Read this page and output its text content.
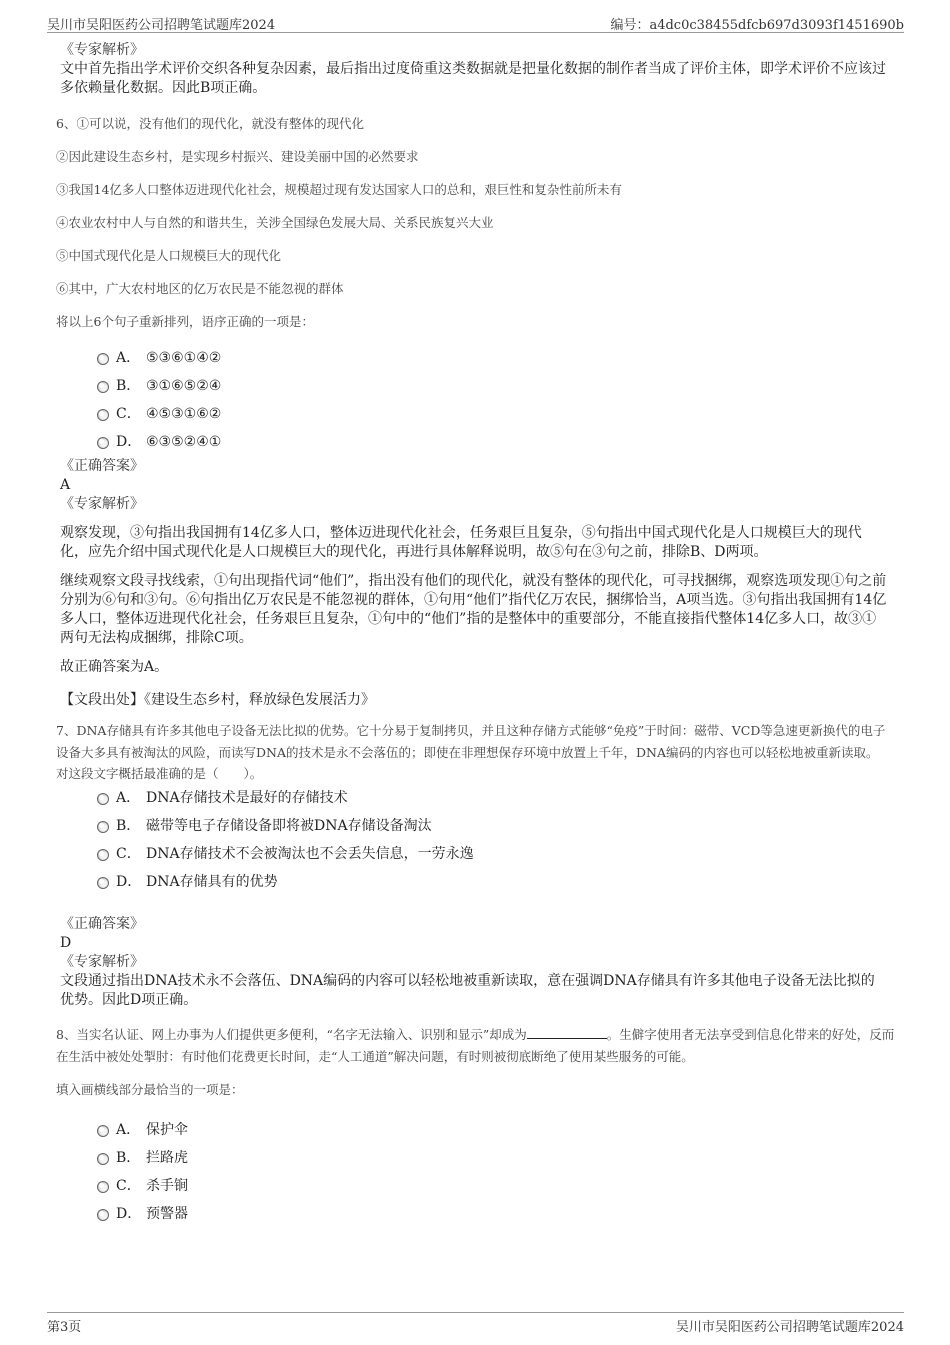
吴川市吴阳医药公司招聘笔试题库2024	编号：a4dc0c38455dfcb697d3093f1451690b
《专家解析》
文中首先指出学术评价交织各种复杂因素，最后指出过度倚重这类数据就是把量化数据的制作者当成了评价主体，即学术评价不应该过多依赖量化数据。因此B项正确。
6、①可以说，没有他们的现代化，就没有整体的现代化
②因此建设生态乡村，是实现乡村振兴、建设美丽中国的必然要求
③我国14亿多人口整体迈进现代化社会，规模超过现有发达国家人口的总和，艰巨性和复杂性前所未有
④农业农村中人与自然的和谐共生，关涉全国绿色发展大局、关系民族复兴大业
⑤中国式现代化是人口规模巨大的现代化
⑥其中，广大农村地区的亿万农民是不能忽视的群体
将以上6个句子重新排列，语序正确的一项是：
A． ⑤③⑥①④②
B． ③①⑥⑤②④
C． ④⑤③①⑥②
D． ⑥③⑤②④①
《正确答案》
A
《专家解析》
观察发现，③句指出我国拥有14亿多人口，整体迈进现代化社会，任务艰巨且复杂，⑤句指出中国式现代化是人口规模巨大的现代化，应先介绍中国式现代化是人口规模巨大的现代化，再进行具体解释说明，故⑤句在③句之前，排除B、D两项。
继续观察文段寻找线索，①句出现指代词“他们”，指出没有他们的现代化，就没有整体的现代化，可寻找捆绑，观察选项发现①句之前分别为⑥句和③句。⑥句指出亿万农民是不能忽视的群体，①句用“他们”指代亿万农民，捆绑恰当，A项当选。③句指出我国拥有14亿多人口，整体迈进现代化社会，任务艰巨且复杂，①句中的“他们”指的是整体中的重要部分，不能直接指代整体14亿多人口，故③①两句无法构成捆绑，排除C项。
故正确答案为A。
【文段出处】《建设生态乡村，释放绿色发展活力》
7、DNA存储具有许多其他电子设备无法比拟的优势。它十分易于复制拷贝，并且这种存储方式能够“免疫”于时间：磁带、VCD等急速更新换代的电子设备大多具有被淘汰的风险，而读写DNA的技术是永不会落伍的；即使在非理想保存环境中放置上千年，DNA编码的内容也可以轻松地被重新读取。
对这段文字概括最准确的是（　　）。
A． DNA存储技术是最好的存储技术
B． 磁带等电子存储设备即将被DNA存储设备淘汰
C． DNA存储技术不会被淘汰也不会丢失信息，一劳永逸
D． DNA存储具有的优势
《正确答案》
D
《专家解析》
文段通过指出DNA技术永不会落伍、DNA编码的内容可以轻松地被重新读取，意在强调DNA存储具有许多其他电子设备无法比拟的优势。因此D项正确。
8、当实名认证、网上办事为人们提供更多便利，“名字无法输入、识别和显示”却成为	。生僻字使用者无法享受到信息化带来的好处，反而在生活中被处处掣肘：有时他们花费更长时间，走“人工通道”解决问题，有时则被彻底断绝了使用某些服务的可能。
填入画横线部分最恰当的一项是：
A． 保护伞
B． 拦路虎
C． 杀手锏
D． 预警器
第3页	吴川市吴阳医药公司招聘笔试题库2024
